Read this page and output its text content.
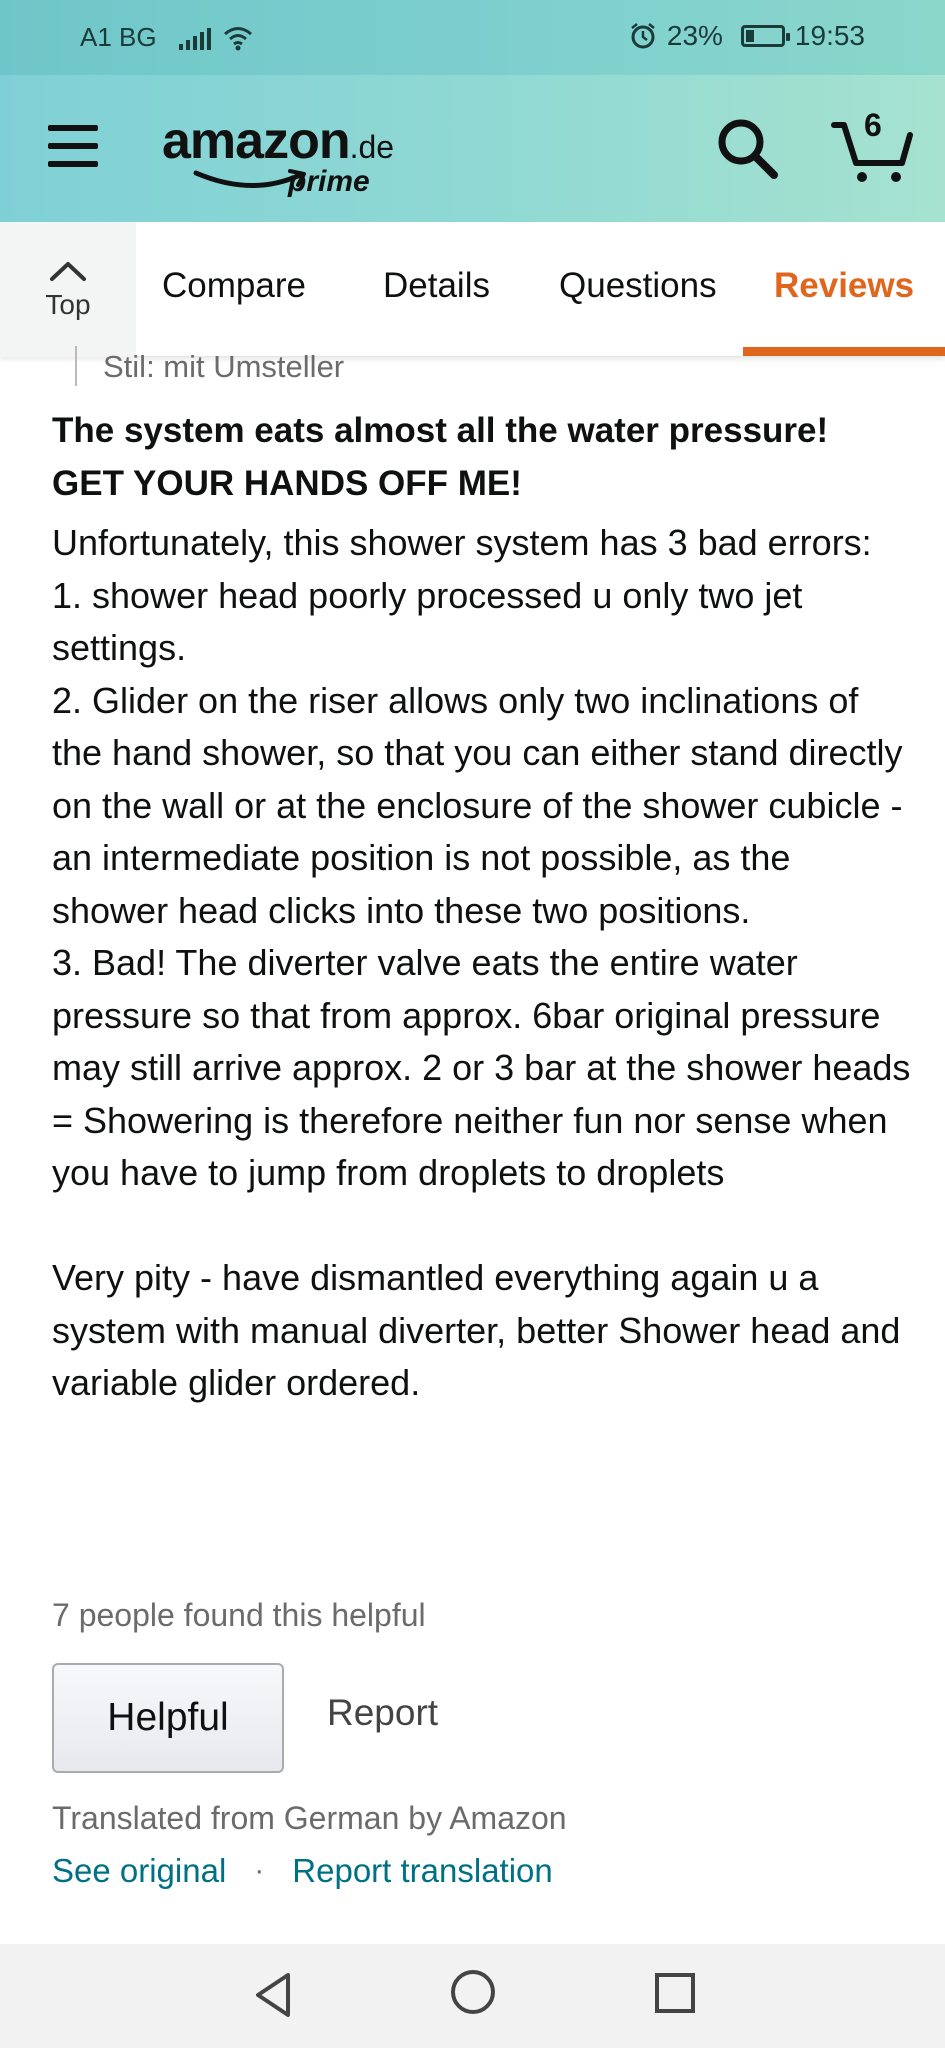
A1 BG	23%	19:53
amazon.de
prime
6
Top Compare Details Questions Reviews
Stil: mit Umsteller
The system eats almost all the water pressure! GET YOUR HANDS OFF ME!
Unfortunately, this shower system has 3 bad errors:
1. shower head poorly processed u only two jet settings.
2. Glider on the riser allows only two inclinations of the hand shower, so that you can either stand directly on the wall or at the enclosure of the shower cubicle - an intermediate position is not possible, as the shower head clicks into these two positions.
3. Bad! The diverter valve eats the entire water pressure so that from approx. 6bar original pressure may still arrive approx. 2 or 3 bar at the shower heads = Showering is therefore neither fun nor sense when you have to jump from droplets to droplets

Very pity - have dismantled everything again u a system with manual diverter, better Shower head and variable glider ordered.
7 people found this helpful
Helpful	Report
Translated from German by Amazon
See original · Report translation
